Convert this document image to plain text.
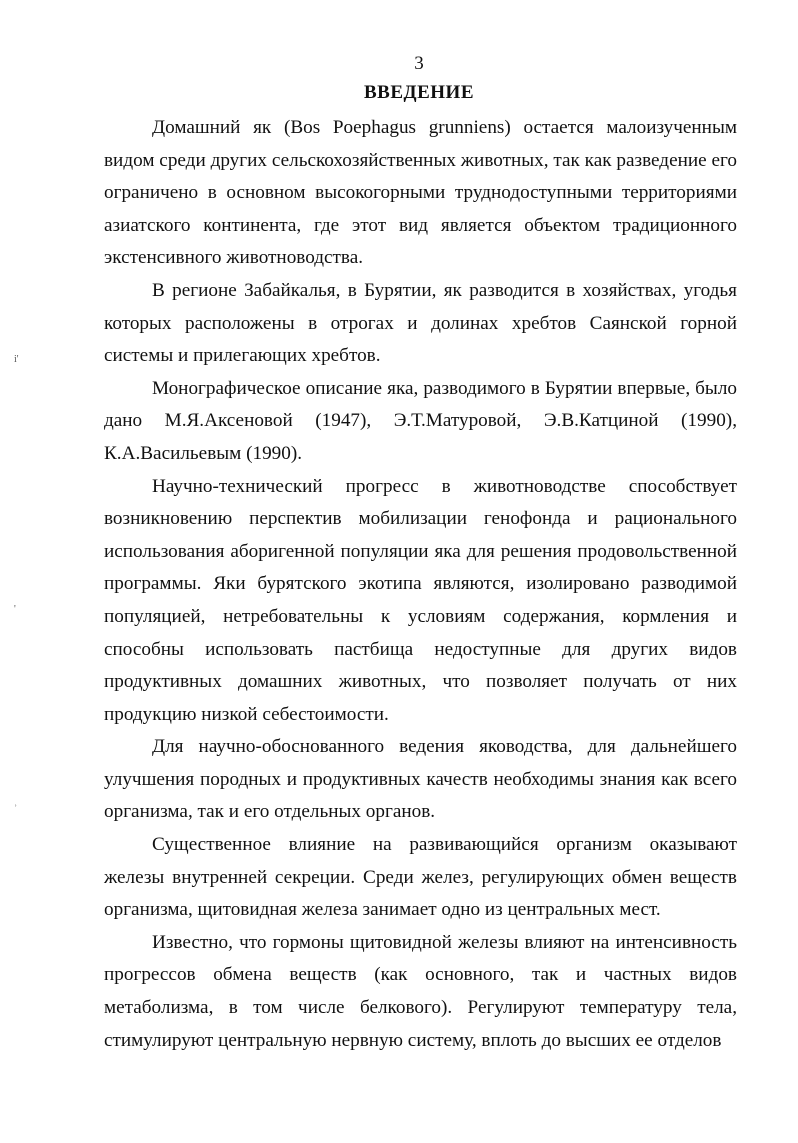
3
ВВЕДЕНИЕ

Домашний як (Bos Poephagus grunniens) остается малоизученным видом среди других сельскохозяйственных животных, так как разведение его ограничено в основном высокогорными труднодоступными территориями азиатского континента, где этот вид является объектом традиционного экстенсивного животноводства.

В регионе Забайкалья, в Бурятии, як разводится в хозяйствах, угодья которых расположены в отрогах и долинах хребтов Саянской горной системы и прилегающих хребтов.

Монографическое описание яка, разводимого в Бурятии впервые, было дано М.Я.Аксеновой (1947), Э.Т.Матуровой, Э.В.Катциной (1990), К.А.Васильевым (1990).

Научно-технический прогресс в животноводстве способствует возникновению перспектив мобилизации генофонда и рационального использования аборигенной популяции яка для решения продовольственной программы. Яки бурятского экотипа являются, изолировано разводимой популяцией, нетребовательны к условиям содержания, кормления и способны использовать пастбища недоступные для других видов продуктивных домашних животных, что позволяет получать от них продукцию низкой себестоимости.

Для научно-обоснованного ведения яководства, для дальнейшего улучшения породных и продуктивных качеств необходимы знания как всего организма, так и его отдельных органов.

Существенное влияние на развивающийся организм оказывают железы внутренней секреции. Среди желез, регулирующих обмен веществ организма, щитовидная железа занимает одно из центральных мест.

Известно, что гормоны щитовидной железы влияют на интенсивность прогрессов обмена веществ (как основного, так и частных видов метаболизма, в том числе белкового). Регулируют температуру тела, стимулируют центральную нервную систему, вплоть до высших ее отделов

i'
'
ʾ
